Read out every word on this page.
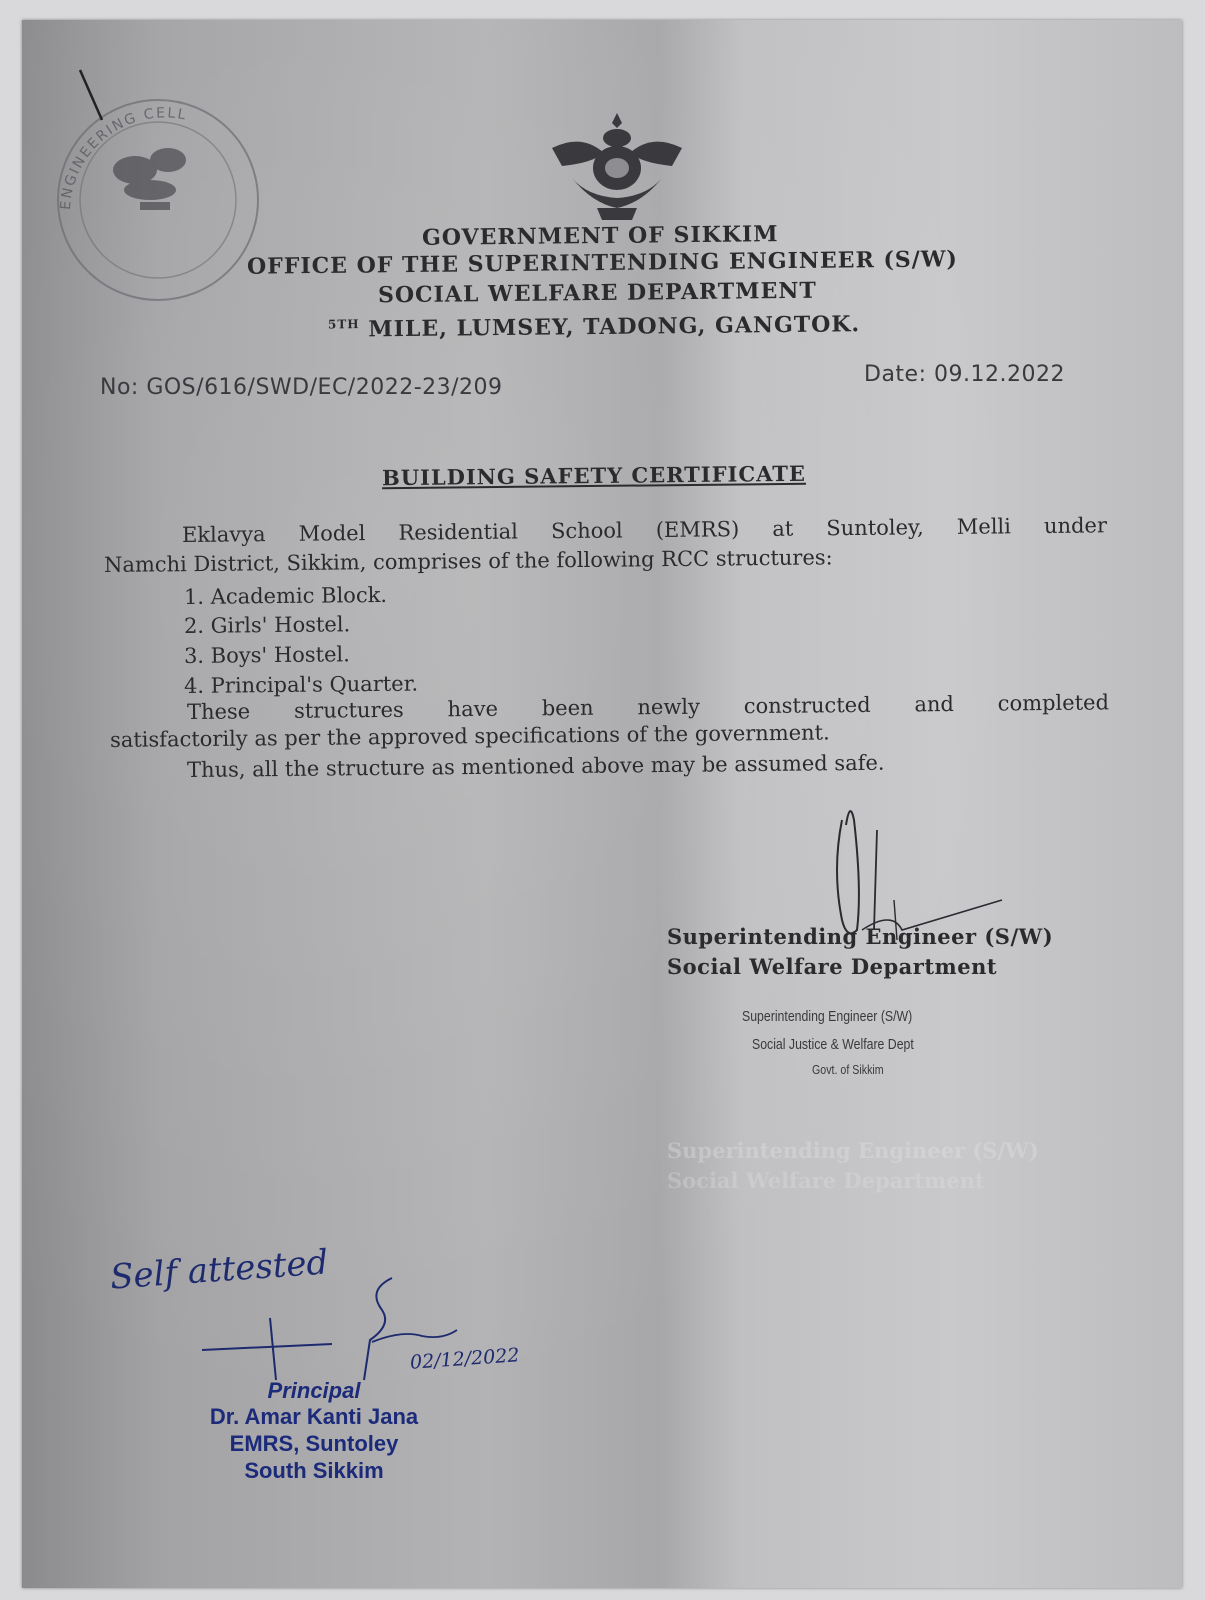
ENGINEERING CELL
GOVERNMENT OF SIKKIM
OFFICE OF THE SUPERINTENDING ENGINEER (S/W)
SOCIAL WELFARE DEPARTMENT
$^{5TH}$ MILE, LUMSEY, TADONG, GANGTOK.
No: GOS/616/SWD/EC/2022-23/209
Date: 09.12.2022
BUILDING SAFETY CERTIFICATE
Eklavya Model Residential School (EMRS) at Suntoley, Melli under
Namchi District, Sikkim, comprises of the following RCC structures:
1. Academic Block.
2. Girls' Hostel.
3. Boys' Hostel.
4. Principal's Quarter.
These structures have been newly constructed and completed
satisfactorily as per the approved specifications of the government.
Thus, all the structure as mentioned above may be assumed safe.
Superintending Engineer (S/W)
Social Welfare Department
Superintending Engineer (S/W)
Social Justice & Welfare Dept
Govt. of Sikkim
Superintending Engineer (S/W)
Social Welfare Department
Self attested
02/12/2022
Principal
Dr. Amar Kanti Jana
EMRS, Suntoley
South Sikkim
